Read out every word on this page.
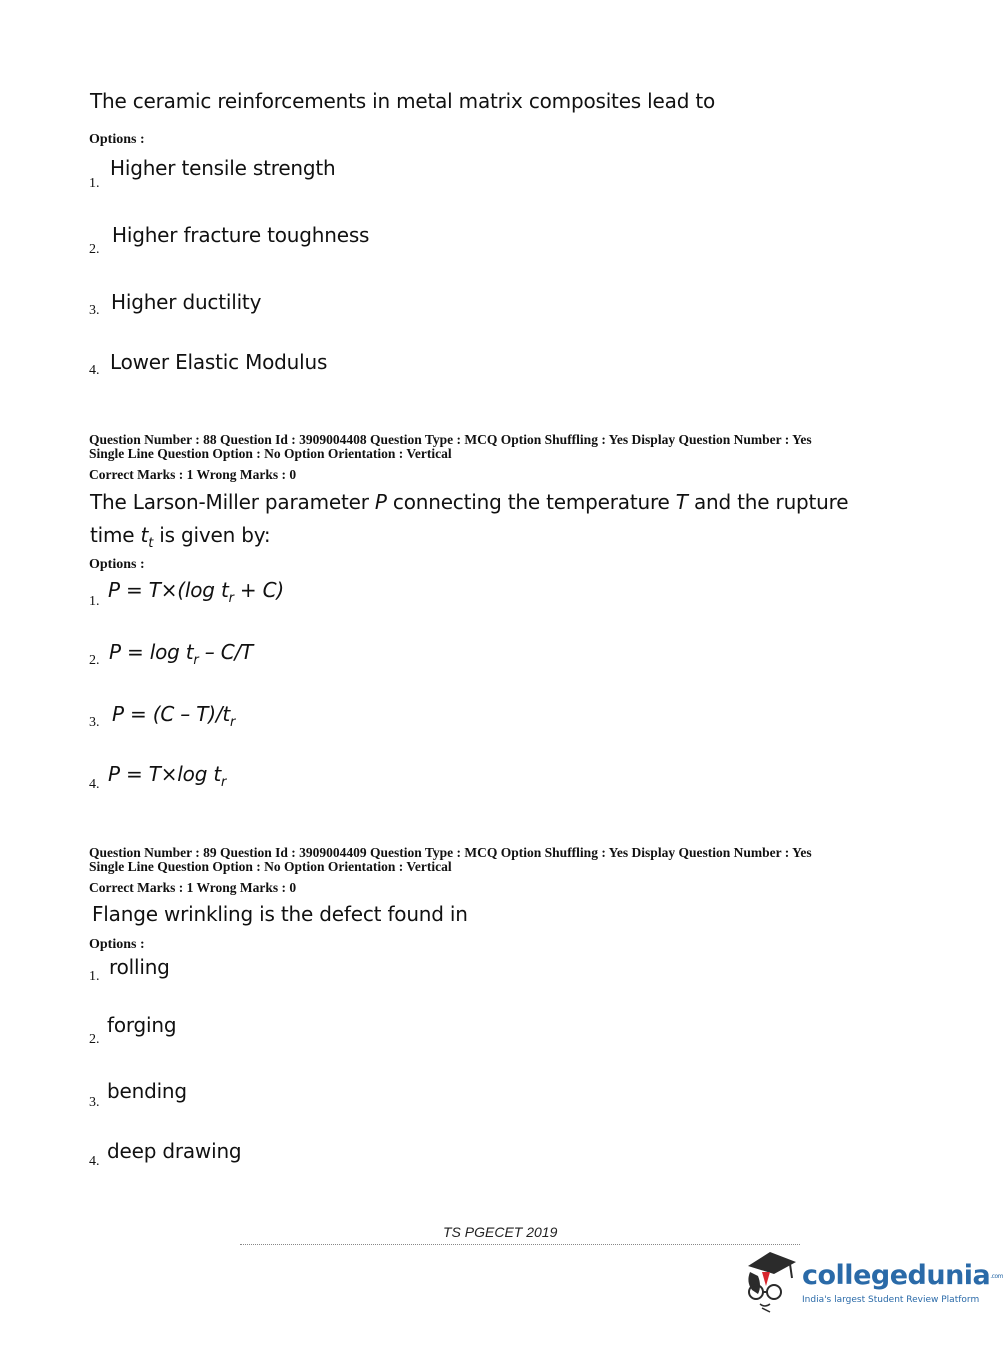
The ceramic reinforcements in metal matrix composites lead to
Options :
1.
Higher tensile strength
2.
Higher fracture toughness
3. Higher ductility
4. Lower Elastic Modulus
Question Number : 88 Question Id : 3909004408 Question Type : MCQ Option Shuffling : Yes Display Question Number : Yes
Single Line Question Option : No Option Orientation : Vertical
Correct Marks : 1 Wrong Marks : 0
The Larson-Miller parameter P connecting the temperature T and the rupture
time $t_t$ is given by:
Options :
1. P = T×(log $t_r + C$)
2. $P = \log t_r - C/T$
3. $P = (C - T)/t_r$
4. P = T×log $t_r$
Question Number : 89 Question Id : 3909004409 Question Type : MCQ Option Shuffling : Yes Display Question Number : Yes
Single Line Question Option : No Option Orientation : Vertical
Correct Marks : 1 Wrong Marks : 0
Flange wrinkling is the defect found in
Options :
1. rolling
2.
forging
3. bending
4. deep drawing
TS PGECET 2019
collegedunia.com
India's largest Student Review Platform
